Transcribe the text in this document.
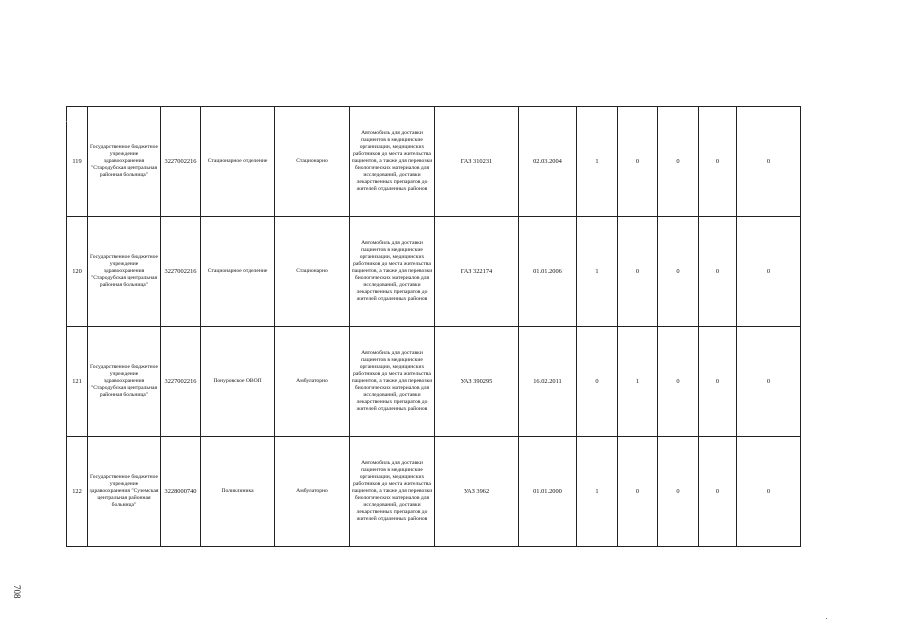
119	Государственное бюджетное учреждение здравоохранения "Стародубская центральная районная больница"	3227002216	Стационарное отделение	Стационарно	Автомобиль для доставки пациентов в медицинские организации, медицинских работников до места жительства пациентов, а также для перевозки биологических материалов для исследований, доставки лекарственных препаратов до жителей отдаленных районов	ГАЗ 310231	02.03.2004	1	0	0	0	0
120	Государственное бюджетное учреждение здравоохранения "Стародубская центральная районная больница"	3227002216	Стационарное отделение	Стационарно	Автомобиль для доставки пациентов в медицинские организации, медицинских работников до места жительства пациентов, а также для перевозки биологических материалов для исследований, доставки лекарственных препаратов до жителей отдаленных районов	ГАЗ 322174	01.01.2006	1	0	0	0	0
121	Государственное бюджетное учреждение здравоохранения "Стародубская центральная районная больница"	3227002216	Понуровское ОВОП	Амбулаторно	Автомобиль для доставки пациентов в медицинские организации, медицинских работников до места жительства пациентов, а также для перевозки биологических материалов для исследований, доставки лекарственных препаратов до жителей отдаленных районов	УАЗ 390295	16.02.2011	0	1	0	0	0
122	Государственное бюджетное учреждение здравоохранения "Суземская центральная районная больница"	3228000740	Поликлиника	Амбулаторно	Автомобиль для доставки пациентов в медицинские организации, медицинских работников до места жительства пациентов, а также для перевозки биологических материалов для исследований, доставки лекарственных препаратов до жителей отдаленных районов	УАЗ 3962	01.01.2000	1	0	0	0	0
708
